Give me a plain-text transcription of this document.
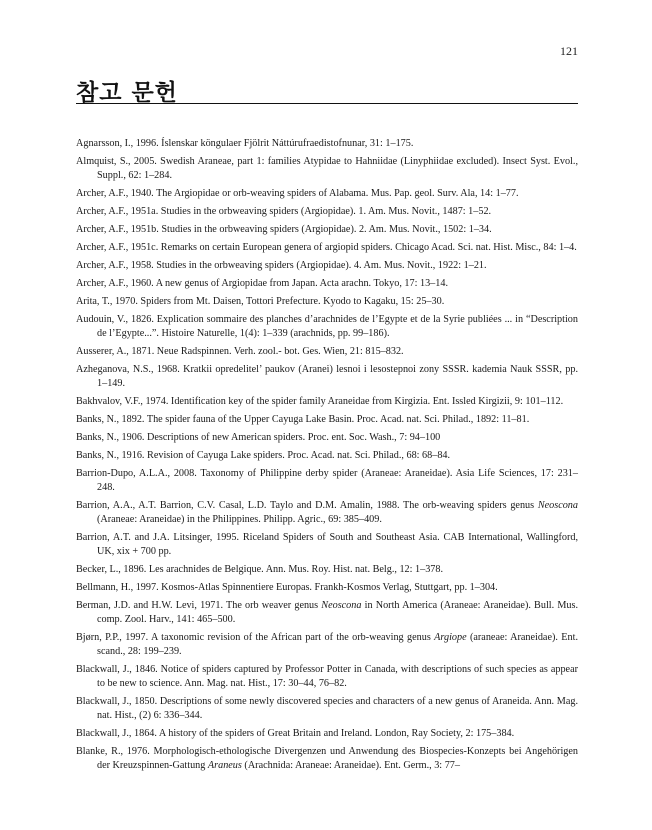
121
참고 문헌
Agnarsson, I., 1996. Íslenskar köngulaer Fjölrit Náttúrufraedistofnunar, 31: 1–175.
Almquist, S., 2005. Swedish Araneae, part 1: families Atypidae to Hahniidae (Linyphiidae excluded). Insect Syst. Evol., Suppl., 62: 1–284.
Archer, A.F., 1940. The Argiopidae or orb-weaving spiders of Alabama. Mus. Pap. geol. Surv. Ala, 14: 1–77.
Archer, A.F., 1951a. Studies in the orbweaving spiders (Argiopidae). 1. Am. Mus. Novit., 1487: 1–52.
Archer, A.F., 1951b. Studies in the orbweaving spiders (Argiopidae). 2. Am. Mus. Novit., 1502: 1–34.
Archer, A.F., 1951c. Remarks on certain European genera of argiopid spiders. Chicago Acad. Sci. nat. Hist. Misc., 84: 1–4.
Archer, A.F., 1958. Studies in the orbweaving spiders (Argiopidae). 4. Am. Mus. Novit., 1922: 1–21.
Archer, A.F., 1960. A new genus of Argiopidae from Japan. Acta arachn. Tokyo, 17: 13–14.
Arita, T., 1970. Spiders from Mt. Daisen, Tottori Prefecture. Kyodo to Kagaku, 15: 25–30.
Audouin, V., 1826. Explication sommaire des planches d’arachnides de l’Egypte et de la Syrie publiées ... in “Description de l’Egypte...”. Histoire Naturelle, 1(4): 1–339 (arachnids, pp. 99–186).
Ausserer, A., 1871. Neue Radspinnen. Verh. zool.- bot. Ges. Wien, 21: 815–832.
Azheganova, N.S., 1968. Kratkii opredelitel’ paukov (Aranei) lesnoi i lesostepnoi zony SSSR. kademia Nauk SSSR, pp. 1–149.
Bakhvalov, V.F., 1974. Identification key of the spider family Araneidae from Kirgizia. Ent. Issled Kirgizii, 9: 101–112.
Banks, N., 1892. The spider fauna of the Upper Cayuga Lake Basin. Proc. Acad. nat. Sci. Philad., 1892: 11–81.
Banks, N., 1906. Descriptions of new American spiders. Proc. ent. Soc. Wash., 7: 94–100
Banks, N., 1916. Revision of Cayuga Lake spiders. Proc. Acad. nat. Sci. Philad., 68: 68–84.
Barrion-Dupo, A.L.A., 2008. Taxonomy of Philippine derby spider (Araneae: Araneidae). Asia Life Sciences, 17: 231–248.
Barrion, A.A., A.T. Barrion, C.V. Casal, L.D. Taylo and D.M. Amalin, 1988. The orb-weaving spiders genus Neoscona (Araneae: Araneidae) in the Philippines. Philipp. Agric., 69: 385–409.
Barrion, A.T. and J.A. Litsinger, 1995. Riceland Spiders of South and Southeast Asia. CAB International, Wallingford, UK, xix + 700 pp.
Becker, L., 1896. Les arachnides de Belgique. Ann. Mus. Roy. Hist. nat. Belg., 12: 1–378.
Bellmann, H., 1997. Kosmos-Atlas Spinnentiere Europas. Frankh-Kosmos Verlag, Stuttgart, pp. 1–304.
Berman, J.D. and H.W. Levi, 1971. The orb weaver genus Neoscona in North America (Araneae: Araneidae). Bull. Mus. comp. Zool. Harv., 141: 465–500.
Bjørn, P.P., 1997. A taxonomic revision of the African part of the orb-weaving genus Argiope (araneae: Araneidae). Ent. scand., 28: 199–239.
Blackwall, J., 1846. Notice of spiders captured by Professor Potter in Canada, with descriptions of such species as appear to be new to science. Ann. Mag. nat. Hist., 17: 30–44, 76–82.
Blackwall, J., 1850. Descriptions of some newly discovered species and characters of a new genus of Araneida. Ann. Mag. nat. Hist., (2) 6: 336–344.
Blackwall, J., 1864. A history of the spiders of Great Britain and Ireland. London, Ray Society, 2: 175–384.
Blanke, R., 1976. Morphologisch-ethologische Divergenzen und Anwendung des Biospecies-Konzepts bei Angehörigen der Kreuzspinnen-Gattung Araneus (Arachnida: Araneae: Araneidae). Ent. Germ., 3: 77–
